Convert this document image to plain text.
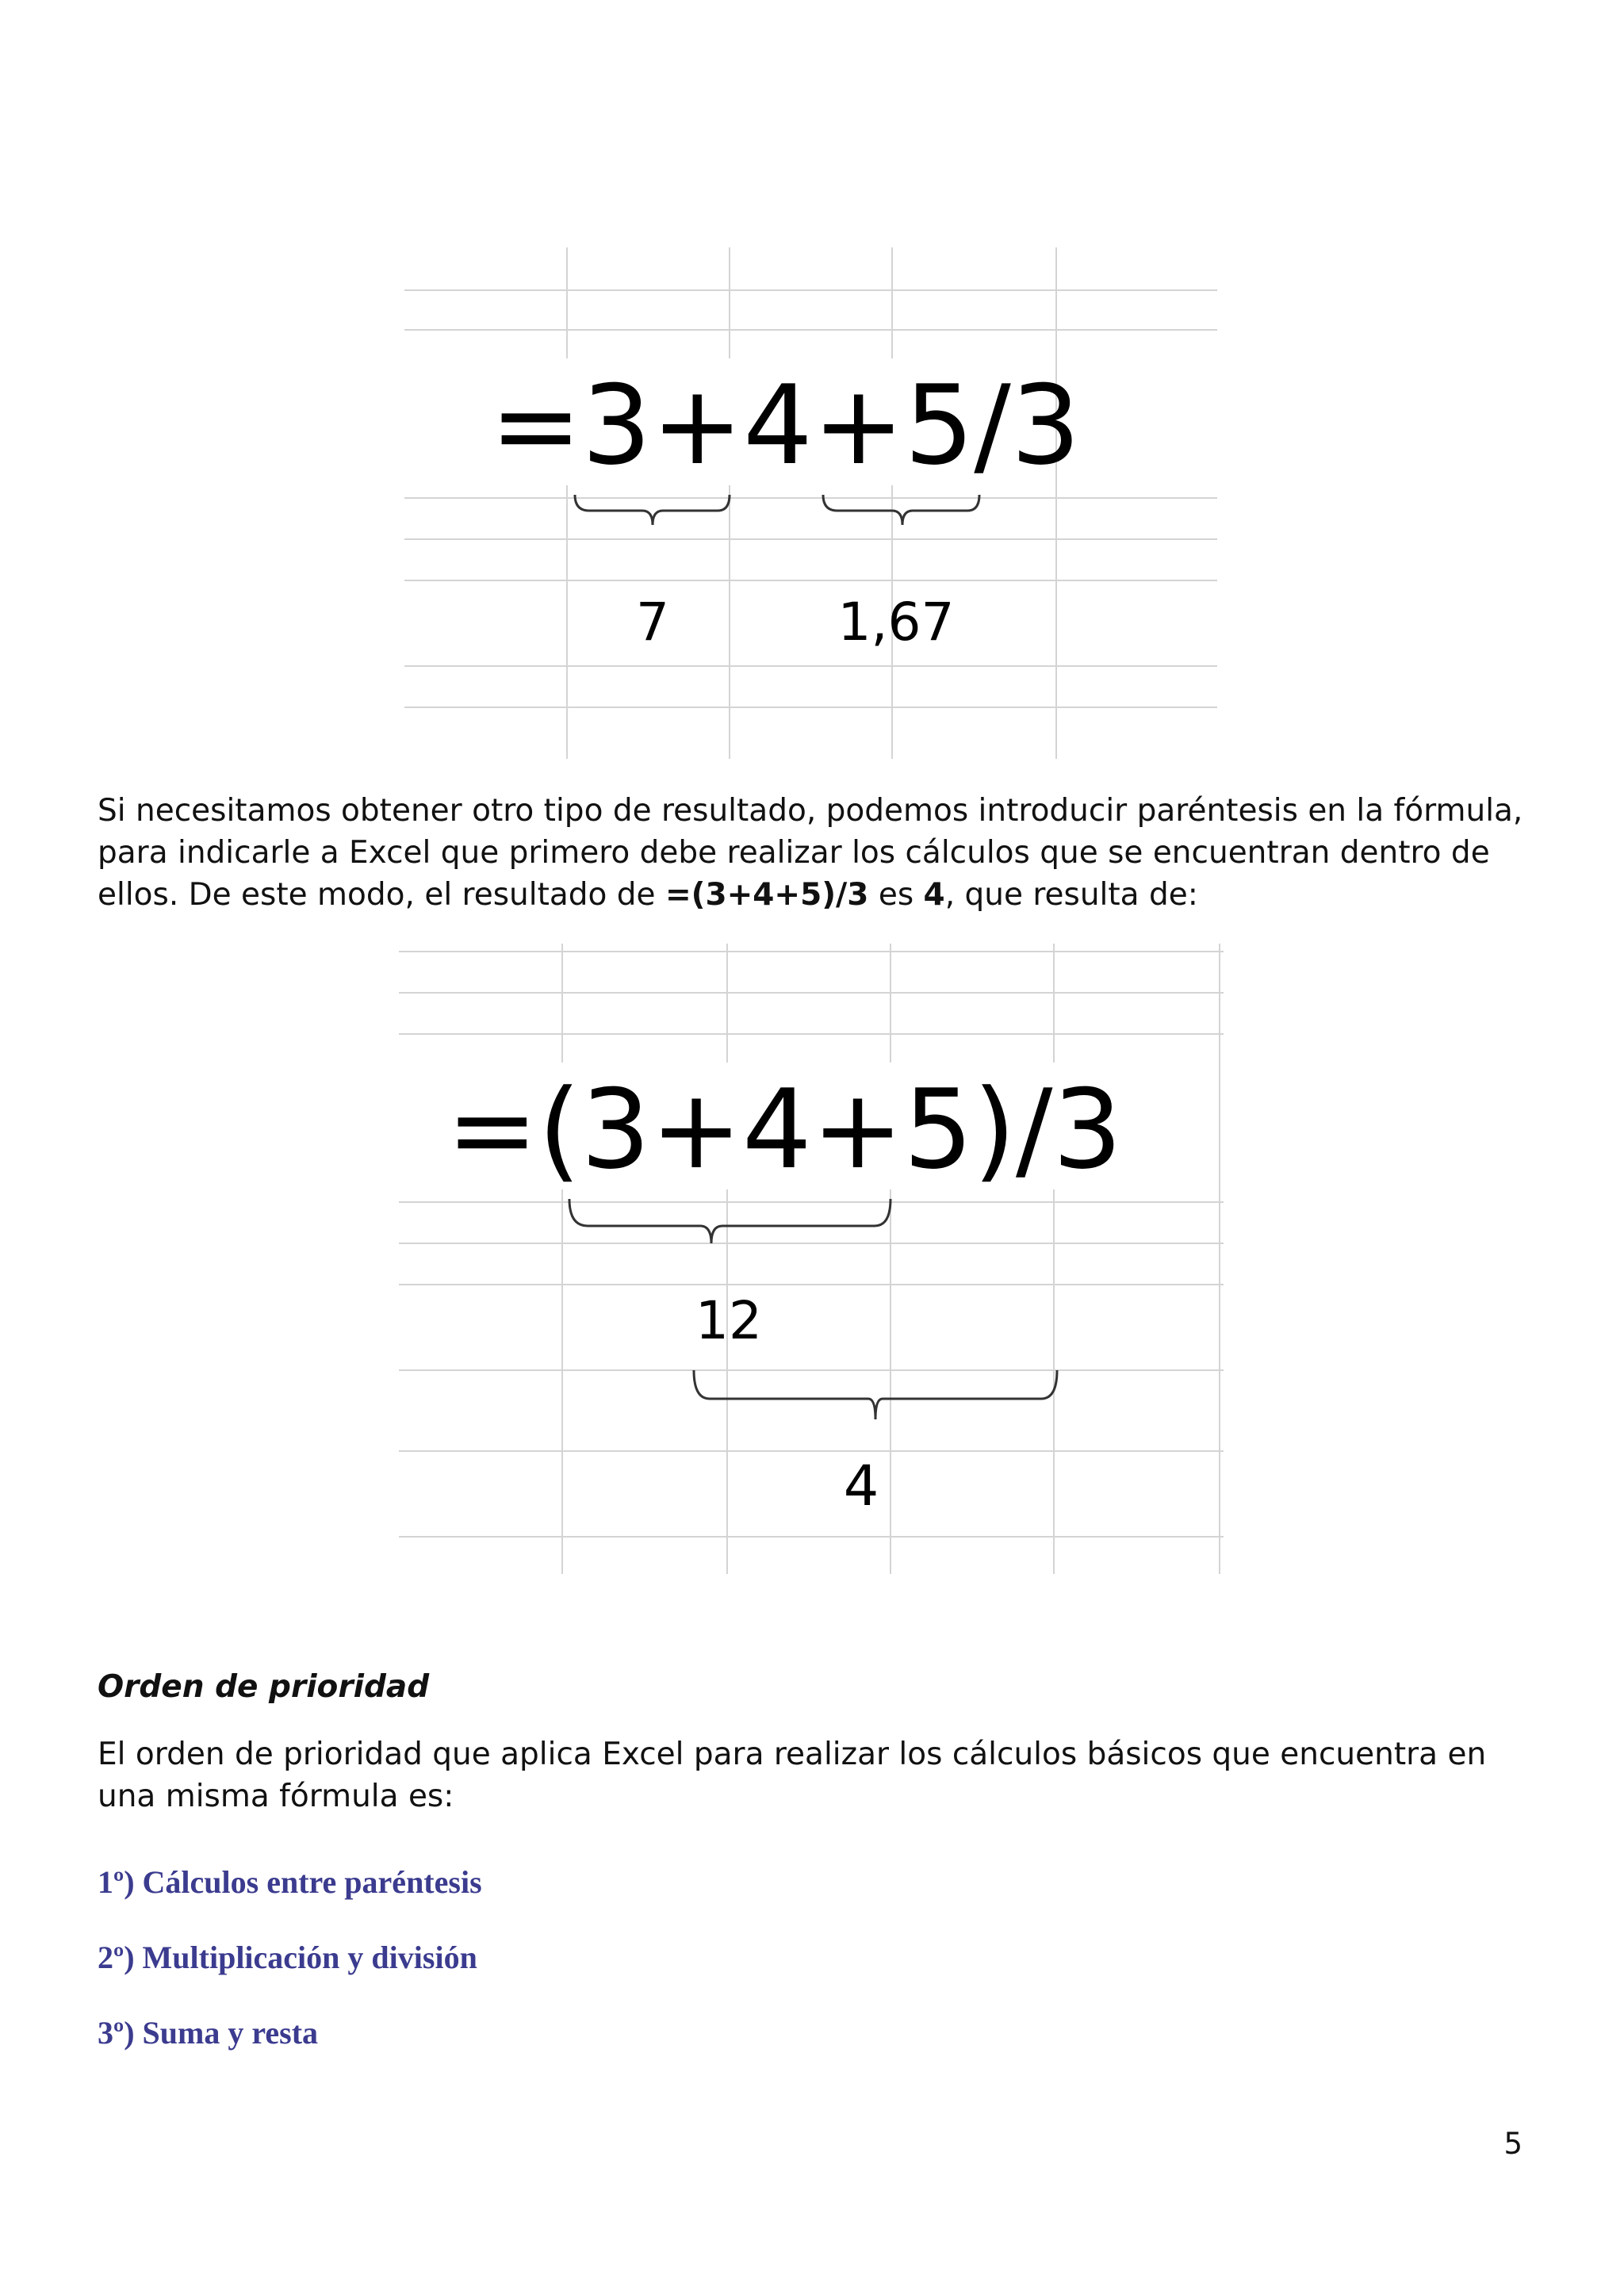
=3+4+5/3
7	1,67

Si necesitamos obtener otro tipo de resultado, podemos introducir paréntesis en la fórmula, para indicarle a Excel que primero debe realizar los cálculos que se encuentran dentro de ellos. De este modo, el resultado de =(3+4+5)/3 es 4, que resulta de:

=(3+4+5)/3
12
4

Orden de prioridad

El orden de prioridad que aplica Excel para realizar los cálculos básicos que encuentra en una misma fórmula es:

1º) Cálculos entre paréntesis

2º) Multiplicación y división

3º) Suma y resta

5
